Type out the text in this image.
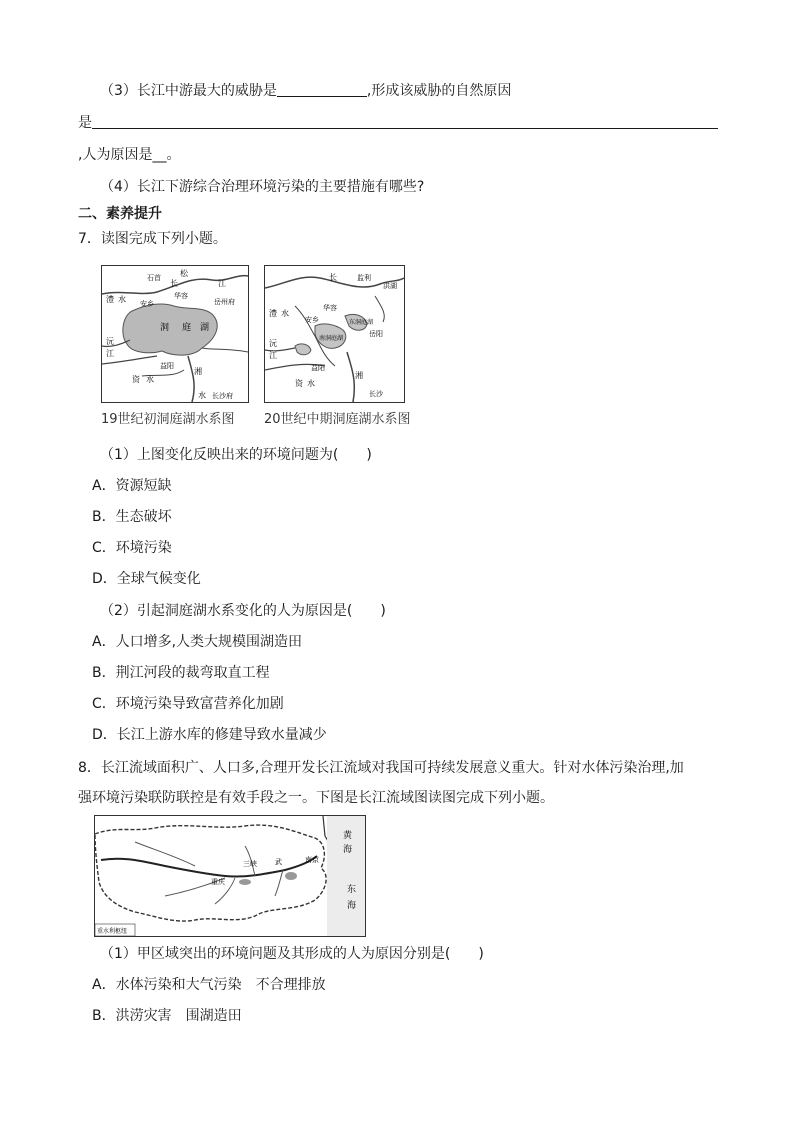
（3）长江中游最大的威胁是	,形成该威胁的自然原因
是
,人为原因是__。
（4）长江下游综合治理环境污染的主要措施有哪些?
二、素养提升
7．读图完成下列小题。
石首 松
长	江
澧 水 安乡
华容
岳州府
洞 庭 湖
沅
江
资 水
益阳
湘
水 长沙府
19世纪初洞庭湖水系图
长	监利
洪湖
澧 水
安乡
华容
东洞庭湖
岳阳
南洞庭湖
沅
江
资 水
益阳
湘
长沙
20世纪中期洞庭湖水系图
（1）上图变化反映出来的环境问题为(　　)
A．资源短缺
B．生态破坏
C．环境污染
D．全球气候变化
（2）引起洞庭湖水系变化的人为原因是(　　)
A．人口增多,人类大规模围湖造田
B．荆江河段的裁弯取直工程
C．环境污染导致富营养化加剧
D．长江上游水库的修建导致水量减少
8．长江流域面积广、人口多,合理开发长江流域对我国可持续发展意义重大。针对水体污染治理,加
强环境污染联防联控是有效手段之一。下图是长江流域图读图完成下列小题。
黄
海
东
海
三峡	武
重庆
南京
重水利枢纽
（1）甲区域突出的环境问题及其形成的人为原因分别是(　　)
A．水体污染和大气污染　不合理排放
B．洪涝灾害　围湖造田
